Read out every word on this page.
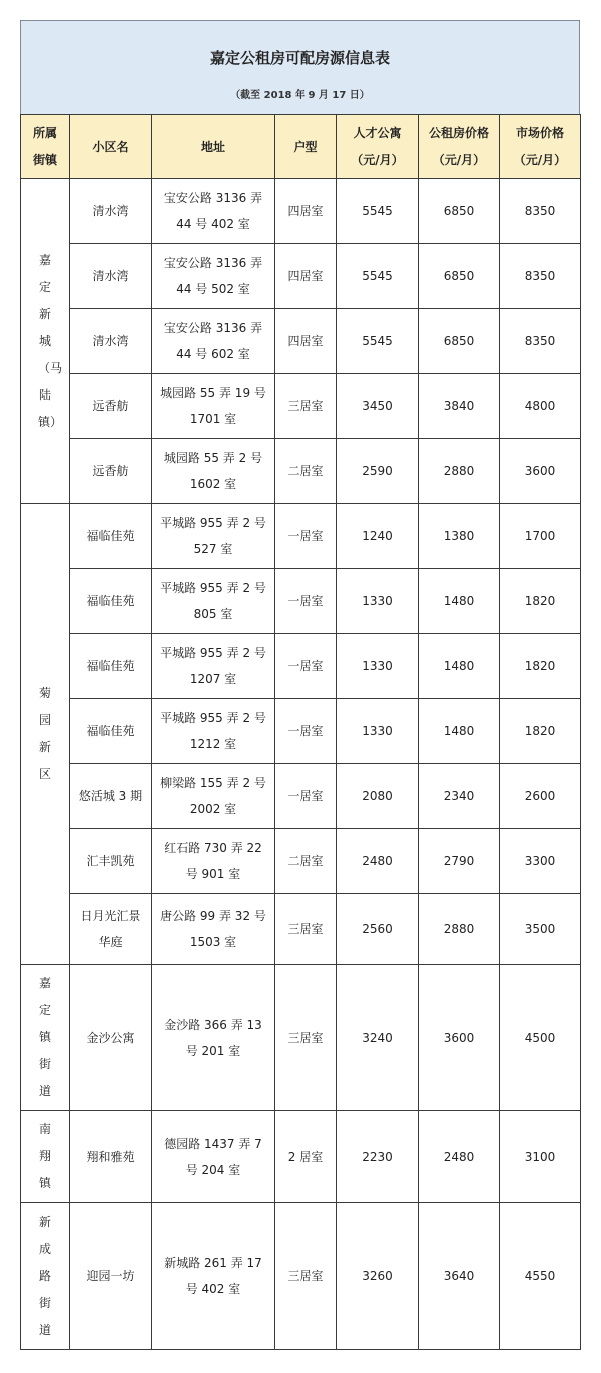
嘉定公租房可配房源信息表
（截至 2018 年 9 月 17 日）
所属街镇	小区名	地址	户型	人才公寓（元/月）	公租房价格（元/月）	市场价格（元/月）
嘉定新城（马陆镇）	清水湾	宝安公路 3136 弄 44 号 402 室	四居室	5545	6850	8350
	清水湾	宝安公路 3136 弄 44 号 502 室	四居室	5545	6850	8350
	清水湾	宝安公路 3136 弄 44 号 602 室	四居室	5545	6850	8350
	远香舫	城园路 55 弄 19 号 1701 室	三居室	3450	3840	4800
	远香舫	城园路 55 弄 2 号 1602 室	二居室	2590	2880	3600
菊园新区	福临佳苑	平城路 955 弄 2 号 527 室	一居室	1240	1380	1700
	福临佳苑	平城路 955 弄 2 号 805 室	一居室	1330	1480	1820
	福临佳苑	平城路 955 弄 2 号 1207 室	一居室	1330	1480	1820
	福临佳苑	平城路 955 弄 2 号 1212 室	一居室	1330	1480	1820
	悠活城 3 期	柳梁路 155 弄 2 号 2002 室	一居室	2080	2340	2600
	汇丰凯苑	红石路 730 弄 22 号 901 室	二居室	2480	2790	3300
	日月光汇景华庭	唐公路 99 弄 32 号 1503 室	三居室	2560	2880	3500
嘉定镇街道	金沙公寓	金沙路 366 弄 13 号 201 室	三居室	3240	3600	4500
南翔镇	翔和雅苑	德园路 1437 弄 7 号 204 室	2 居室	2230	2480	3100
新成路街道	迎园一坊	新城路 261 弄 17 号 402 室	三居室	3260	3640	4550
